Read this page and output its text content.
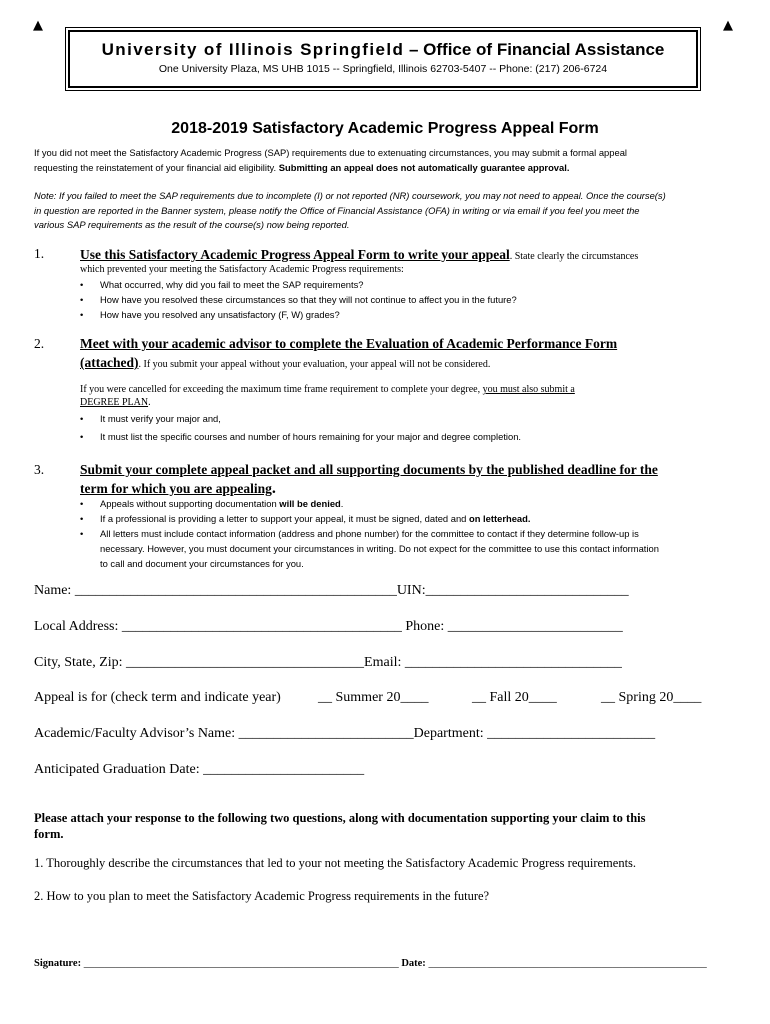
▲	▲
University of Illinois Springfield – Office of Financial Assistance
One University Plaza, MS UHB 1015 -- Springfield, Illinois 62703-5407 -- Phone: (217) 206-6724
2018-2019 Satisfactory Academic Progress Appeal Form
If you did not meet the Satisfactory Academic Progress (SAP) requirements due to extenuating circumstances, you may submit a formal appeal
requesting the reinstatement of your financial aid eligibility. Submitting an appeal does not automatically guarantee approval.
Note: If you failed to meet the SAP requirements due to incomplete (I) or not reported (NR) coursework, you may not need to appeal. Once the course(s)
in question are reported in the Banner system, please notify the Office of Financial Assistance (OFA) in writing or via email if you feel you meet the
various SAP requirements as the result of the course(s) now being reported.
1.	Use this Satisfactory Academic Progress Appeal Form to write your appeal. State clearly the circumstances
which prevented your meeting the Satisfactory Academic Progress requirements:
• What occurred, why did you fail to meet the SAP requirements?
• How have you resolved these circumstances so that they will not continue to affect you in the future?
• How have you resolved any unsatisfactory (F, W) grades?
2.	Meet with your academic advisor to complete the Evaluation of Academic Performance Form
(attached). If you submit your appeal without your evaluation, your appeal will not be considered.
If you were cancelled for exceeding the maximum time frame requirement to complete your degree, you must also submit a
DEGREE PLAN.
• It must verify your major and,
• It must list the specific courses and number of hours remaining for your major and degree completion.
3.	Submit your complete appeal packet and all supporting documents by the published deadline for the
term for which you are appealing.
• Appeals without supporting documentation will be denied.
• If a professional is providing a letter to support your appeal, it must be signed, dated and on letterhead.
• All letters must include contact information (address and phone number) for the committee to contact if they determine follow-up is
necessary. However, you must document your circumstances in writing. Do not expect for the committee to use this contact information
to call and document your circumstances for you.
Name: ______________________________________________UIN:_____________________________
Local Address: ________________________________________ Phone: _________________________
City, State, Zip: __________________________________Email: _______________________________
Appeal is for (check term and indicate year)	__ Summer 20____	__ Fall 20____	__ Spring 20____
Academic/Faculty Advisor’s Name: _________________________Department: ________________________
Anticipated Graduation Date: _______________________
Please attach your response to the following two questions, along with documentation supporting your claim to this
form.
1. Thoroughly describe the circumstances that led to your not meeting the Satisfactory Academic Progress requirements.
2. How to you plan to meet the Satisfactory Academic Progress requirements in the future?
Signature: ____________________________________________________________ Date: _____________________________________________________
